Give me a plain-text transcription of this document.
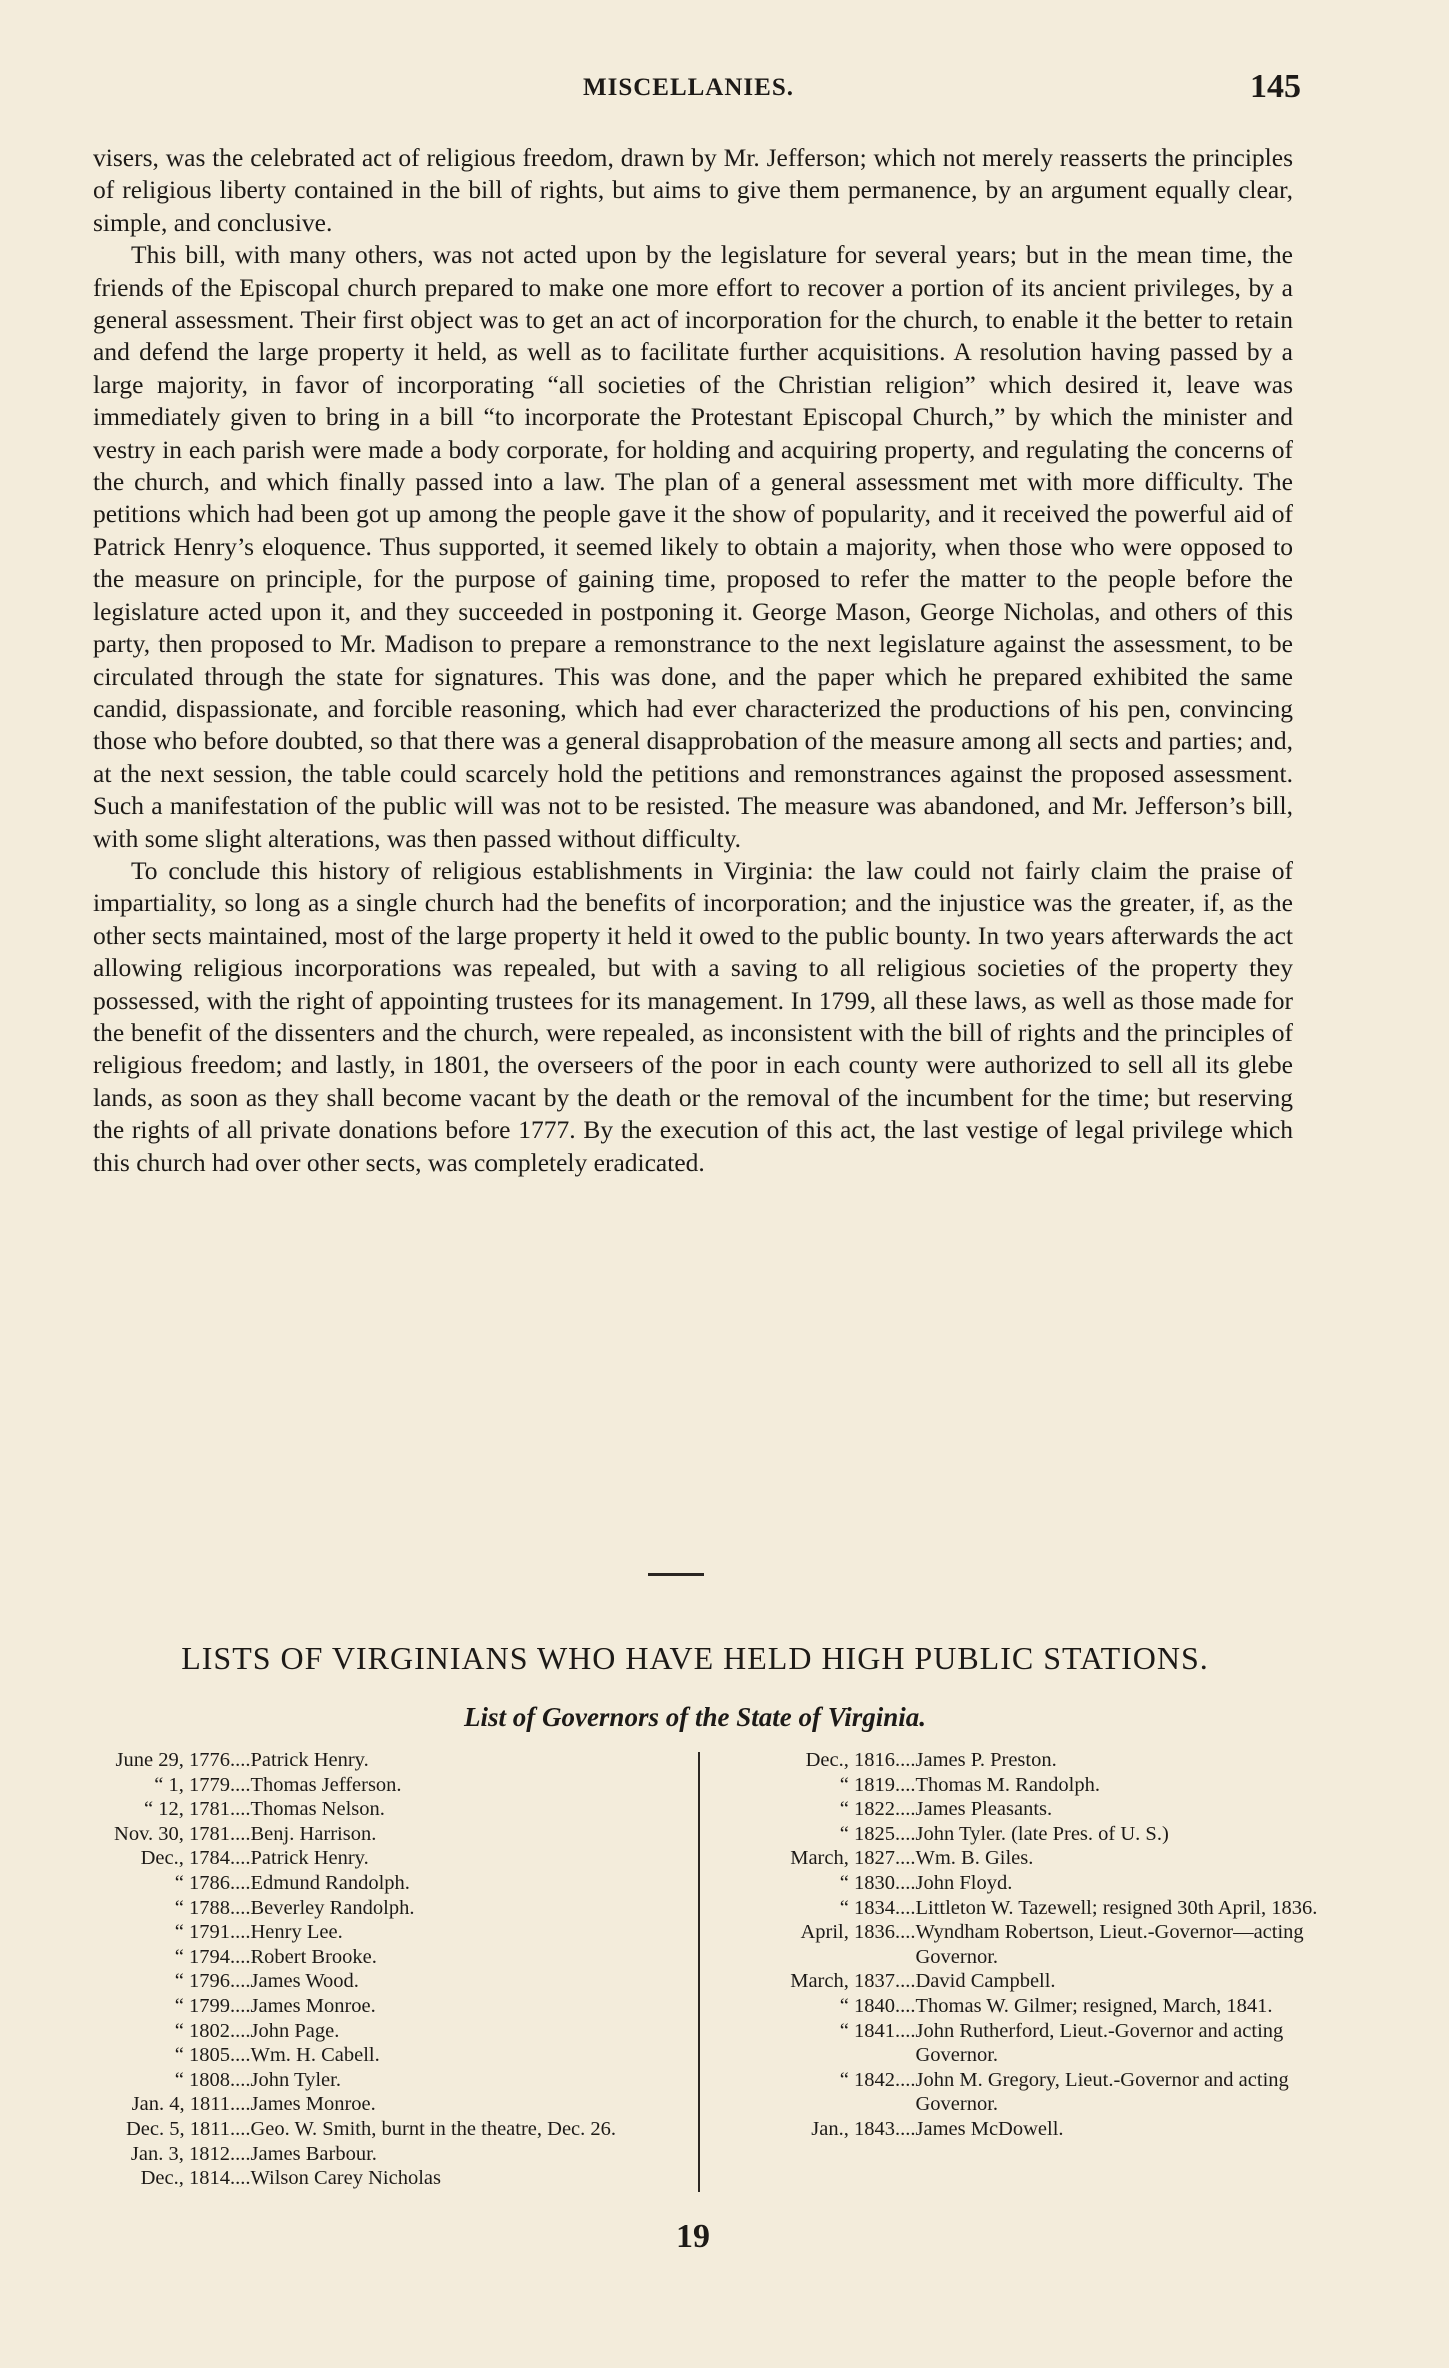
MISCELLANIES.	145

visers, was the celebrated act of religious freedom, drawn by Mr. Jefferson; which not merely reasserts the principles of religious liberty contained in the bill of rights, but aims to give them permanence, by an argument equally clear, simple, and conclusive.

This bill, with many others, was not acted upon by the legislature for several years; but in the mean time, the friends of the Episcopal church prepared to make one more effort to recover a portion of its ancient privileges, by a general assessment. Their first object was to get an act of incorporation for the church, to enable it the better to retain and defend the large property it held, as well as to facilitate further acquisitions. A resolution having passed by a large majority, in favor of incorporating “all societies of the Christian religion” which desired it, leave was immediately given to bring in a bill “to incorporate the Protestant Episcopal Church,” by which the minister and vestry in each parish were made a body corporate, for holding and acquiring property, and regulating the concerns of the church, and which finally passed into a law. The plan of a general assessment met with more difficulty. The petitions which had been got up among the people gave it the show of popularity, and it received the powerful aid of Patrick Henry’s eloquence. Thus supported, it seemed likely to obtain a majority, when those who were opposed to the measure on principle, for the purpose of gaining time, proposed to refer the matter to the people before the legislature acted upon it, and they succeeded in postponing it. George Mason, George Nicholas, and others of this party, then proposed to Mr. Madison to prepare a remonstrance to the next legislature against the assessment, to be circulated through the state for signatures. This was done, and the paper which he prepared exhibited the same candid, dispassionate, and forcible reasoning, which had ever characterized the productions of his pen, convincing those who before doubted, so that there was a general disapprobation of the measure among all sects and parties; and, at the next session, the table could scarcely hold the petitions and remonstrances against the proposed assessment. Such a manifestation of the public will was not to be resisted. The measure was abandoned, and Mr. Jefferson’s bill, with some slight alterations, was then passed without difficulty.

To conclude this history of religious establishments in Virginia: the law could not fairly claim the praise of impartiality, so long as a single church had the benefits of incorporation; and the injustice was the greater, if, as the other sects maintained, most of the large property it held it owed to the public bounty. In two years afterwards the act allowing religious incorporations was repealed, but with a saving to all religious societies of the property they possessed, with the right of appointing trustees for its management. In 1799, all these laws, as well as those made for the benefit of the dissenters and the church, were repealed, as inconsistent with the bill of rights and the principles of religious freedom; and lastly, in 1801, the overseers of the poor in each county were authorized to sell all its glebe lands, as soon as they shall become vacant by the death or the removal of the incumbent for the time; but reserving the rights of all private donations before 1777. By the execution of this act, the last vestige of legal privilege which this church had over other sects, was completely eradicated.

LISTS OF VIRGINIANS WHO HAVE HELD HIGH PUBLIC STATIONS.
List of Governors of the State of Virginia.
June 29, 1776 .... Patrick Henry.
“ 1, 1779 .... Thomas Jefferson.
“ 12, 1781 .... Thomas Nelson.
Nov. 30, 1781 .... Benj. Harrison.
Dec., 1784 .... Patrick Henry.
“ 1786 .... Edmund Randolph.
“ 1788 .... Beverley Randolph.
“ 1791 .... Henry Lee.
“ 1794 .... Robert Brooke.
“ 1796 .... James Wood.
“ 1799 .... James Monroe.
“ 1802 .... John Page.
“ 1805 .... Wm. H. Cabell.
“ 1808 .... John Tyler.
Jan. 4, 1811 .... James Monroe.
Dec. 5, 1811 .... Geo. W. Smith, burnt in the theatre, Dec. 26.
Jan. 3, 1812 .... James Barbour.
Dec., 1814 .... Wilson Carey Nicholas
Dec., 1816 .... James P. Preston.
“ 1819 .... Thomas M. Randolph.
“ 1822 .... James Pleasants.
“ 1825 .... John Tyler. (late Pres. of U. S.)
March, 1827 .... Wm. B. Giles.
“ 1830 .... John Floyd.
“ 1834 .... Littleton W. Tazewell; resigned 30th April, 1836.
April, 1836 .... Wyndham Robertson, Lieut.-Governor—acting Governor.
March, 1837 .... David Campbell.
“ 1840 .... Thomas W. Gilmer; resigned, March, 1841.
“ 1841 .... John Rutherford, Lieut.-Governor and acting Governor.
“ 1842 .... John M. Gregory, Lieut.-Governor and acting Governor.
Jan., 1843 .... James McDowell.
19
